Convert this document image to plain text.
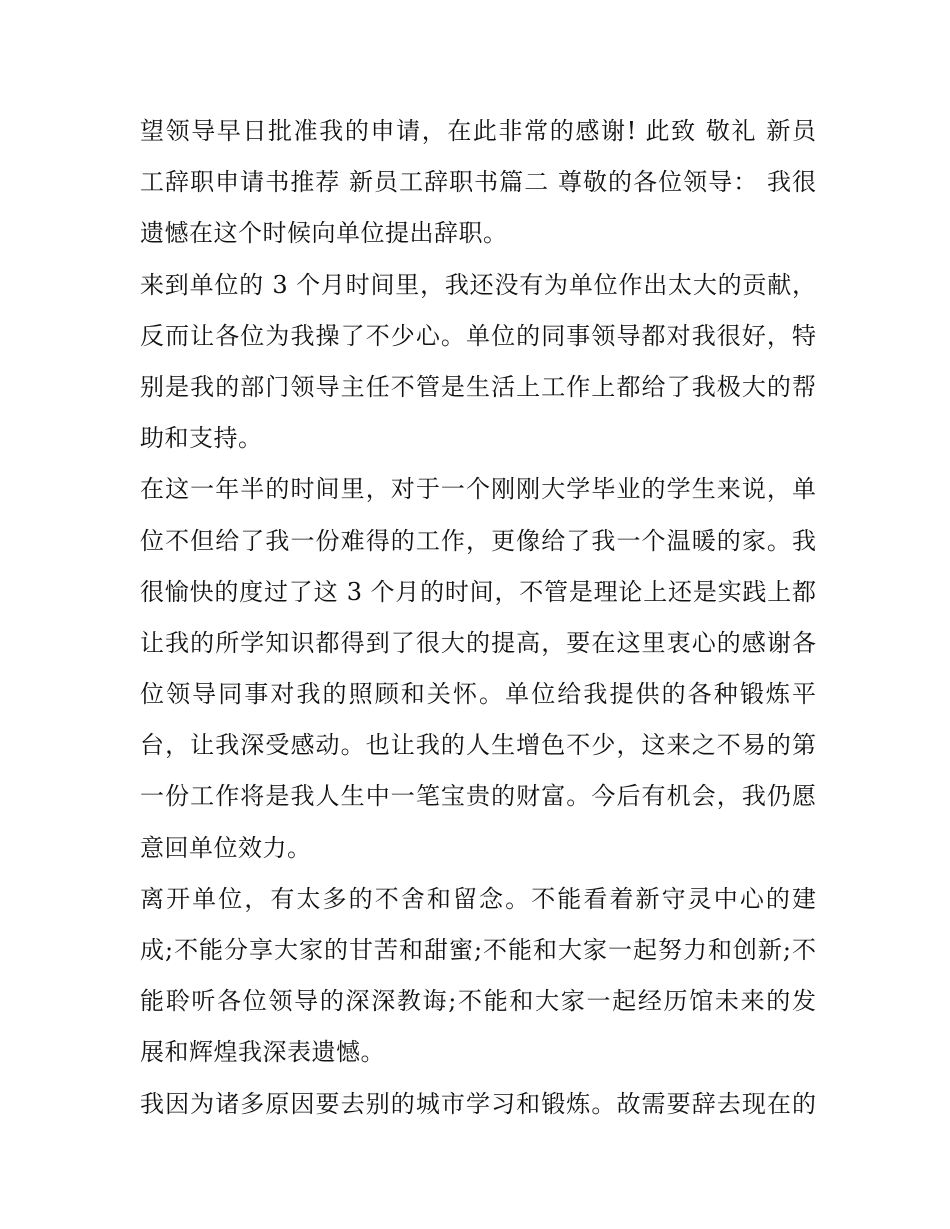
望领导早日批准我的申请，在此非常的感谢! 此致 敬礼 新员
工辞职申请书推荐 新员工辞职书篇二 尊敬的各位领导： 我很
遗憾在这个时候向单位提出辞职。
来到单位的 3 个月时间里，我还没有为单位作出太大的贡献，
反而让各位为我操了不少心。单位的同事领导都对我很好，特
别是我的部门领导主任不管是生活上工作上都给了我极大的帮
助和支持。
在这一年半的时间里，对于一个刚刚大学毕业的学生来说，单
位不但给了我一份难得的工作，更像给了我一个温暖的家。我
很愉快的度过了这 3 个月的时间，不管是理论上还是实践上都
让我的所学知识都得到了很大的提高，要在这里衷心的感谢各
位领导同事对我的照顾和关怀。单位给我提供的各种锻炼平
台，让我深受感动。也让我的人生增色不少，这来之不易的第
一份工作将是我人生中一笔宝贵的财富。今后有机会，我仍愿
意回单位效力。
离开单位，有太多的不舍和留念。不能看着新守灵中心的建
成;不能分享大家的甘苦和甜蜜;不能和大家一起努力和创新;不
能聆听各位领导的深深教诲;不能和大家一起经历馆未来的发
展和辉煌我深表遗憾。
我因为诸多原因要去别的城市学习和锻炼。故需要辞去现在的
